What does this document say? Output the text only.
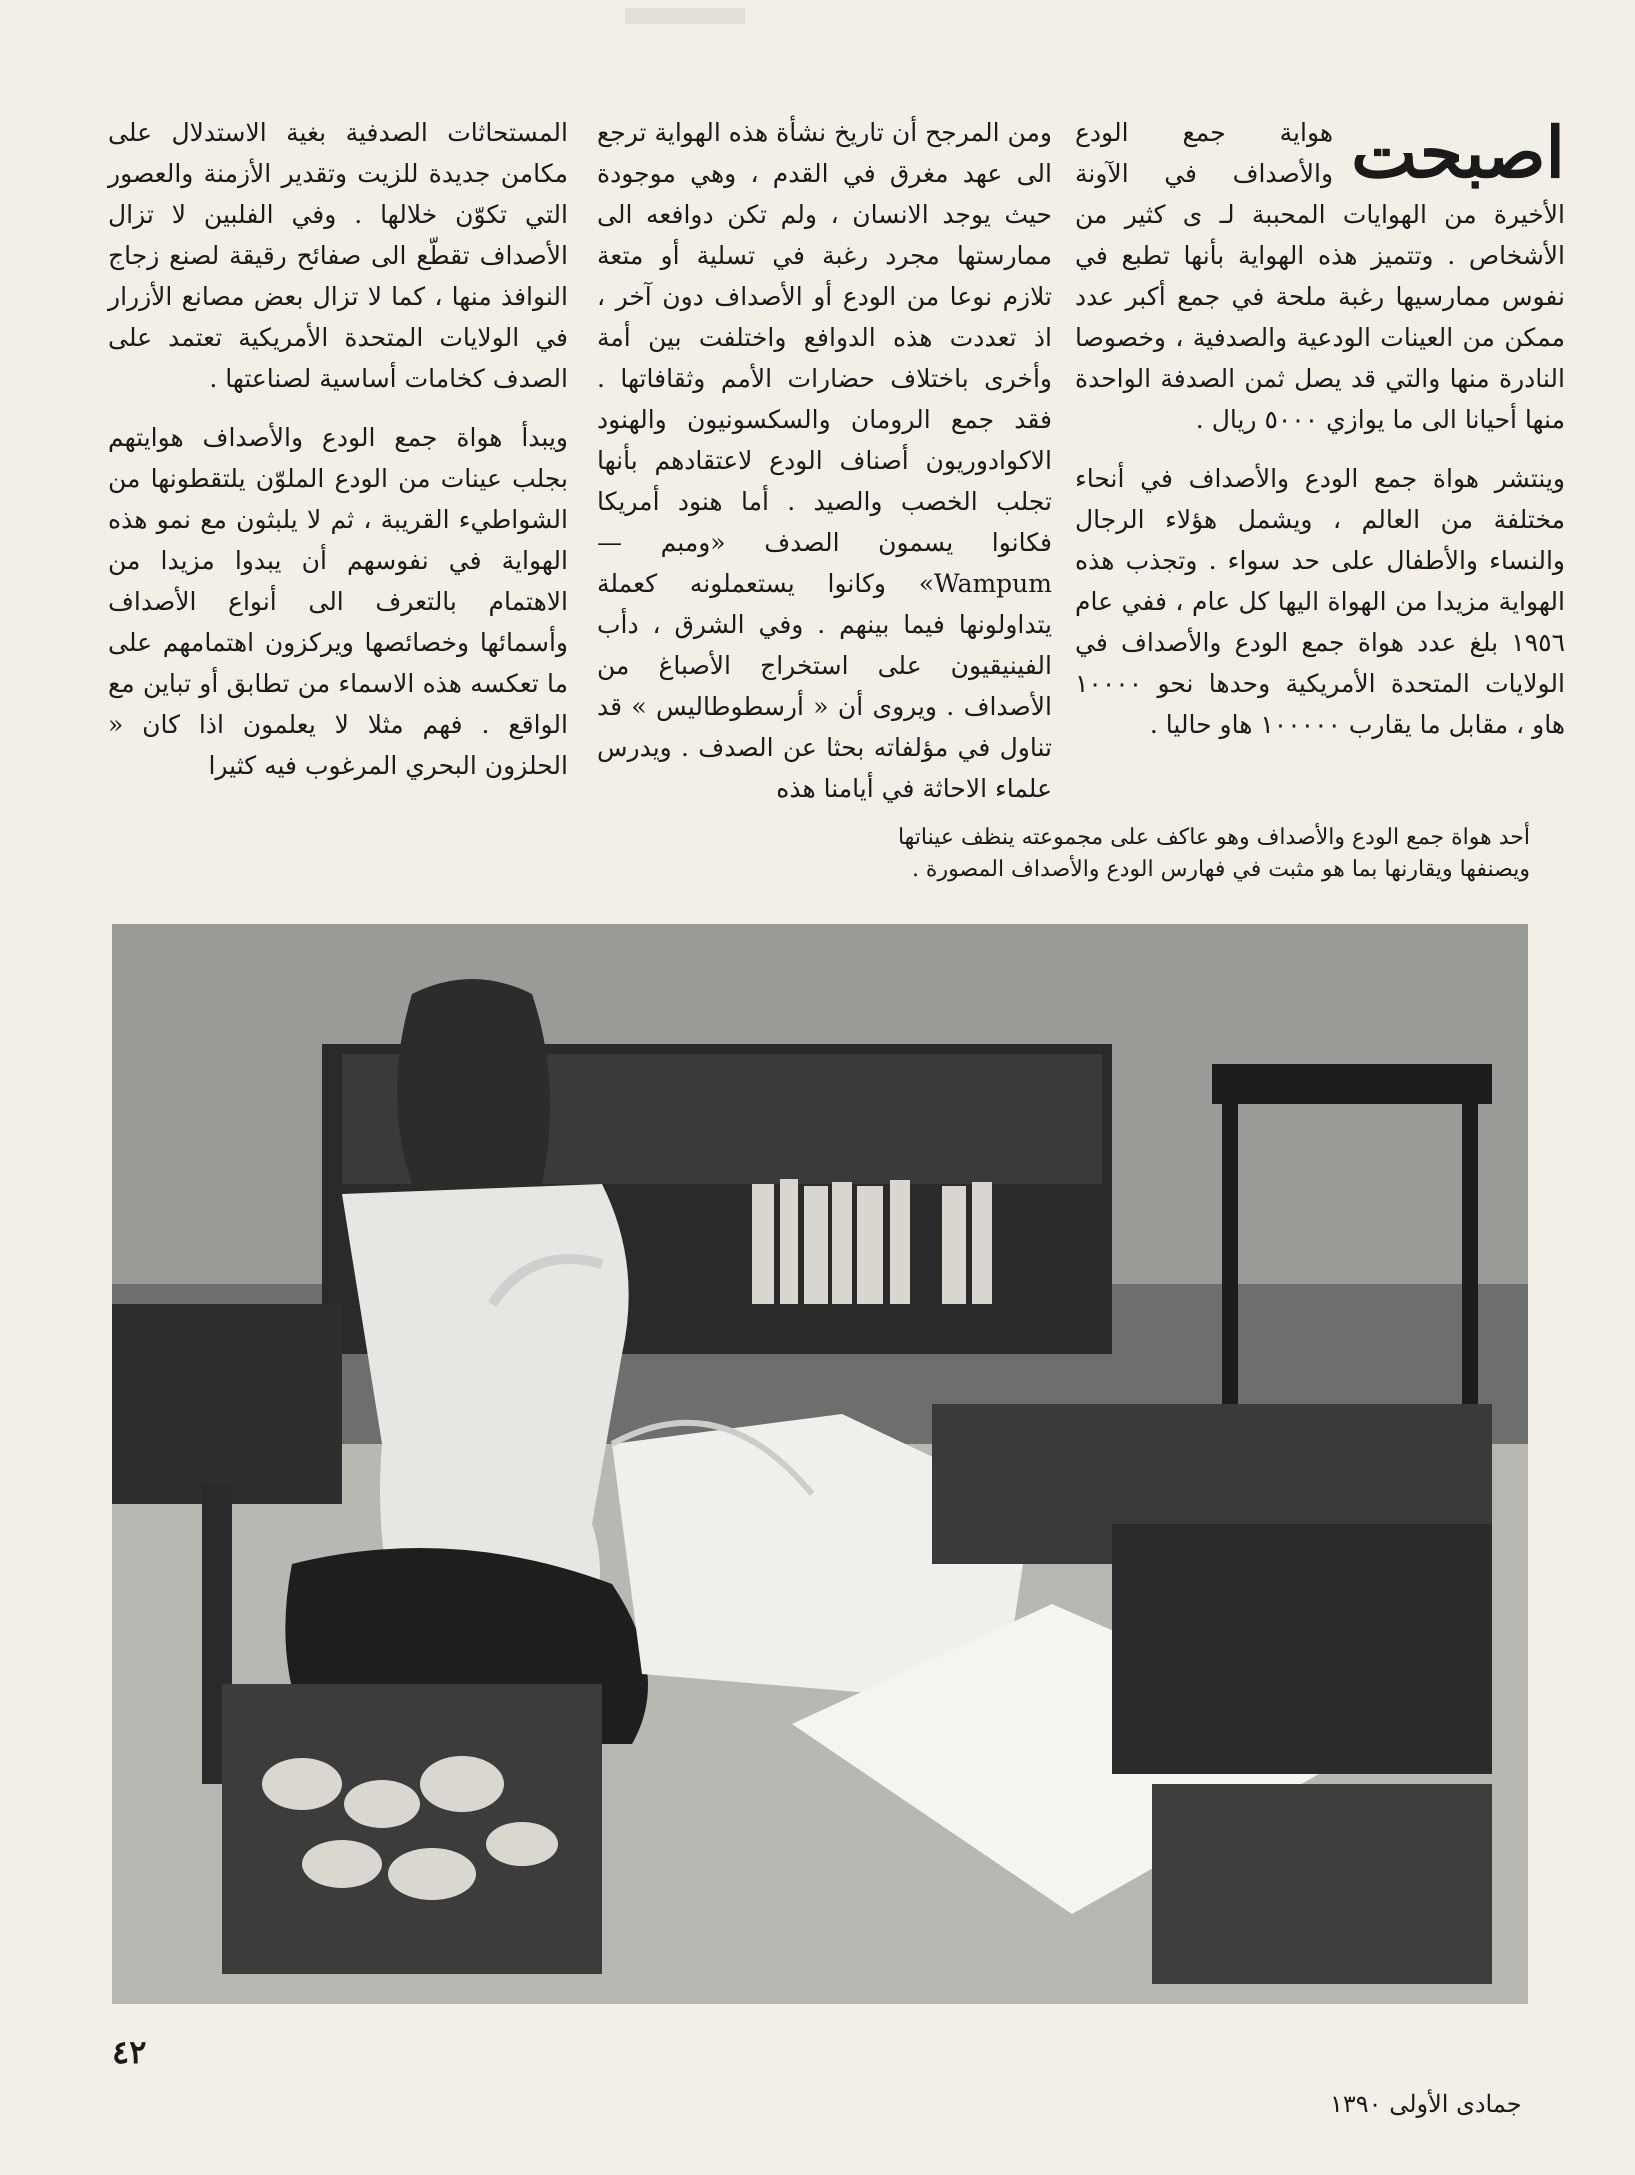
اصبحت
هواية جمع الودع والأصداف في الآونة الأخيرة من الهوايات المحببة لـ ى كثير من الأشخاص . وتتميز هذه الهواية بأنها تطبع في نفوس ممارسيها رغبة ملحة في جمع أكبر عدد ممكن من العينات الودعية والصدفية ، وخصوصا النادرة منها والتي قد يصل ثمن الصدفة الواحدة منها أحيانا الى ما يوازي ٥٠٠٠ ريال .

وينتشر هواة جمع الودع والأصداف في أنحاء مختلفة من العالم ، ويشمل هؤلاء الرجال والنساء والأطفال على حد سواء . وتجذب هذه الهواية مزيدا من الهواة اليها كل عام ، ففي عام ١٩٥٦ بلغ عدد هواة جمع الودع والأصداف في الولايات المتحدة الأمريكية وحدها نحو ١٠٠٠٠ هاو ، مقابل ما يقارب ١٠٠٠٠٠ هاو حاليا .

ومن المرجح أن تاريخ نشأة هذه الهواية ترجع الى عهد مغرق في القدم ، وهي موجودة حيث يوجد الانسان ، ولم تكن دوافعه الى ممارستها مجرد رغبة في تسلية أو متعة تلازم نوعا من الودع أو الأصداف دون آخر ، اذ تعددت هذه الدوافع واختلفت بين أمة وأخرى باختلاف حضارات الأمم وثقافاتها . فقد جمع الرومان والسكسونيون والهنود الاكوادوريون أصناف الودع لاعتقادهم بأنها تجلب الخصب والصيد . أما هنود أمريكا فكانوا يسمون الصدف «ومبم — Wampum» وكانوا يستعملونه كعملة يتداولونها فيما بينهم . وفي الشرق ، دأب الفينيقيون على استخراج الأصباغ من الأصداف . ويروى أن « أرسطوطاليس » قد تناول في مؤلفاته بحثا عن الصدف . ويدرس علماء الاحاثة في أيامنا هذه

المستحاثات الصدفية بغية الاستدلال على مكامن جديدة للزيت وتقدير الأزمنة والعصور التي تكوّن خلالها . وفي الفلبين لا تزال الأصداف تقطّع الى صفائح رقيقة لصنع زجاج النوافذ منها ، كما لا تزال بعض مصانع الأزرار في الولايات المتحدة الأمريكية تعتمد على الصدف كخامات أساسية لصناعتها .

ويبدأ هواة جمع الودع والأصداف هوايتهم بجلب عينات من الودع الملوّن يلتقطونها من الشواطيء القريبة ، ثم لا يلبثون مع نمو هذه الهواية في نفوسهم أن يبدوا مزيدا من الاهتمام بالتعرف الى أنواع الأصداف وأسمائها وخصائصها ويركزون اهتمامهم على ما تعكسه هذه الاسماء من تطابق أو تباين مع الواقع . فهم مثلا لا يعلمون اذا كان « الحلزون البحري المرغوب فيه كثيرا

أحد هواة جمع الودع والأصداف وهو عاكف على مجموعته ينظف عيناتها
ويصنفها ويقارنها بما هو مثبت في فهارس الودع والأصداف المصورة .
٤٢
جمادى الأولى ١٣٩٠
